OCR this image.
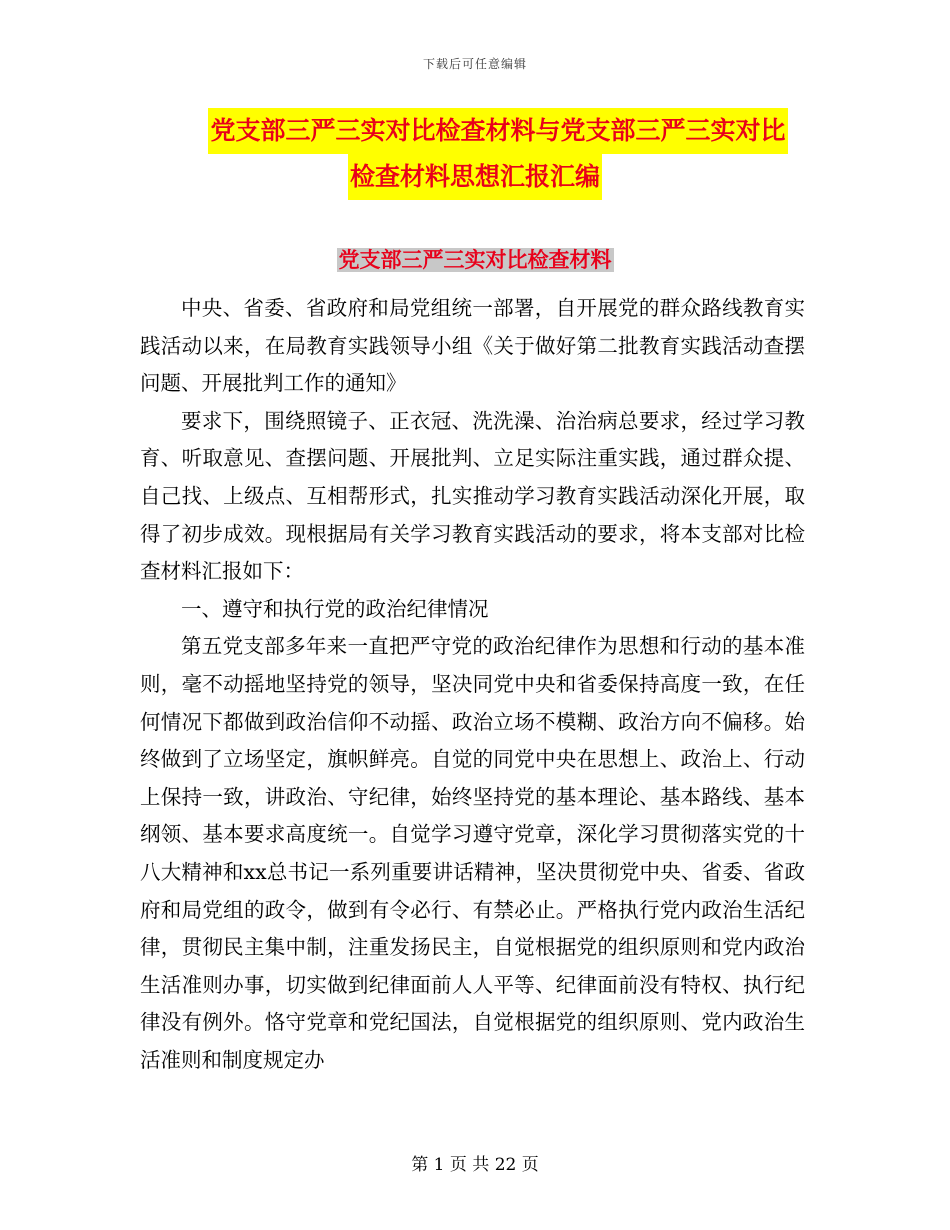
下载后可任意编辑
党支部三严三实对比检查材料与党支部三严三实对比
检查材料思想汇报汇编
党支部三严三实对比检查材料

中央、省委、省政府和局党组统一部署，自开展党的群众路线教育实践活动以来，在局教育实践领导小组《关于做好第二批教育实践活动查摆问题、开展批判工作的通知》

要求下，围绕照镜子、正衣冠、洗洗澡、治治病总要求，经过学习教育、听取意见、查摆问题、开展批判、立足实际注重实践，通过群众提、自己找、上级点、互相帮形式，扎实推动学习教育实践活动深化开展，取得了初步成效。现根据局有关学习教育实践活动的要求，将本支部对比检查材料汇报如下：

一、遵守和执行党的政治纪律情况

第五党支部多年来一直把严守党的政治纪律作为思想和行动的基本准则，毫不动摇地坚持党的领导，坚决同党中央和省委保持高度一致，在任何情况下都做到政治信仰不动摇、政治立场不模糊、政治方向不偏移。始终做到了立场坚定，旗帜鲜亮。自觉的同党中央在思想上、政治上、行动上保持一致，讲政治、守纪律，始终坚持党的基本理论、基本路线、基本纲领、基本要求高度统一。自觉学习遵守党章，深化学习贯彻落实党的十八大精神和xx总书记一系列重要讲话精神，坚决贯彻党中央、省委、省政府和局党组的政令，做到有令必行、有禁必止。严格执行党内政治生活纪律，贯彻民主集中制，注重发扬民主，自觉根据党的组织原则和党内政治生活准则办事，切实做到纪律面前人人平等、纪律面前没有特权、执行纪律没有例外。恪守党章和党纪国法，自觉根据党的组织原则、党内政治生活准则和制度规定办

第 1 页 共 22 页
